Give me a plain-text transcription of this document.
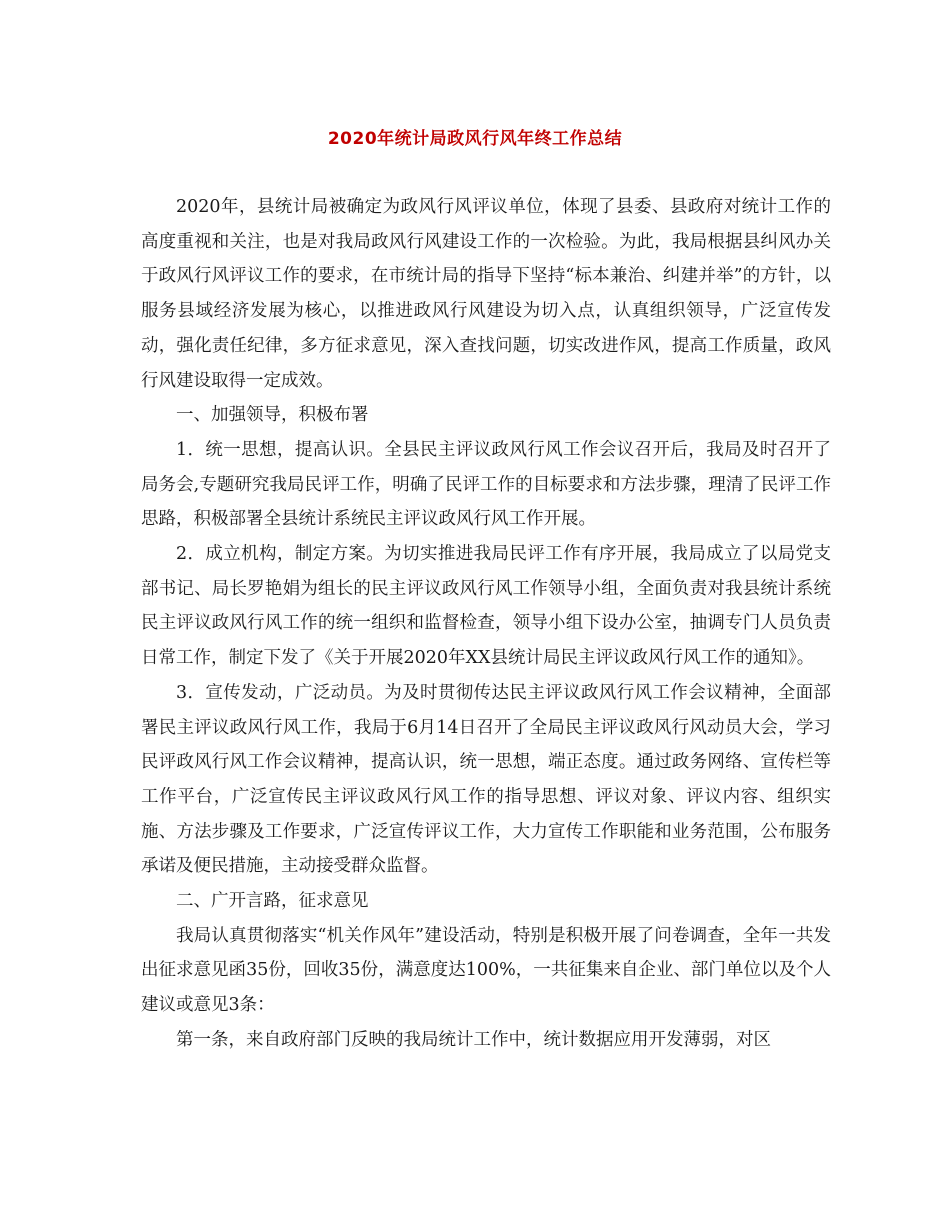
2020年统计局政风行风年终工作总结

2020年，县统计局被确定为政风行风评议单位，体现了县委、县政府对统计工作的高度重视和关注，也是对我局政风行风建设工作的一次检验。为此，我局根据县纠风办关于政风行风评议工作的要求，在市统计局的指导下坚持“标本兼治、纠建并举”的方针，以服务县域经济发展为核心，以推进政风行风建设为切入点，认真组织领导，广泛宣传发动，强化责任纪律，多方征求意见，深入查找问题，切实改进作风，提高工作质量，政风行风建设取得一定成效。

一、加强领导，积极布署

1．统一思想，提高认识。全县民主评议政风行风工作会议召开后，我局及时召开了局务会,专题研究我局民评工作，明确了民评工作的目标要求和方法步骤，理清了民评工作思路，积极部署全县统计系统民主评议政风行风工作开展。

2．成立机构，制定方案。为切实推进我局民评工作有序开展，我局成立了以局党支部书记、局长罗艳娟为组长的民主评议政风行风工作领导小组，全面负责对我县统计系统民主评议政风行风工作的统一组织和监督检查，领导小组下设办公室，抽调专门人员负责日常工作，制定下发了《关于开展2020年XX县统计局民主评议政风行风工作的通知》。

3．宣传发动，广泛动员。为及时贯彻传达民主评议政风行风工作会议精神，全面部署民主评议政风行风工作，我局于6月14日召开了全局民主评议政风行风动员大会，学习民评政风行风工作会议精神，提高认识，统一思想，端正态度。通过政务网络、宣传栏等工作平台，广泛宣传民主评议政风行风工作的指导思想、评议对象、评议内容、组织实施、方法步骤及工作要求，广泛宣传评议工作，大力宣传工作职能和业务范围，公布服务承诺及便民措施，主动接受群众监督。

二、广开言路，征求意见

我局认真贯彻落实“机关作风年”建设活动，特别是积极开展了问卷调查，全年一共发出征求意见函35份，回收35份，满意度达100%，一共征集来自企业、部门单位以及个人建议或意见3条：

第一条，来自政府部门反映的我局统计工作中，统计数据应用开发薄弱，对区
